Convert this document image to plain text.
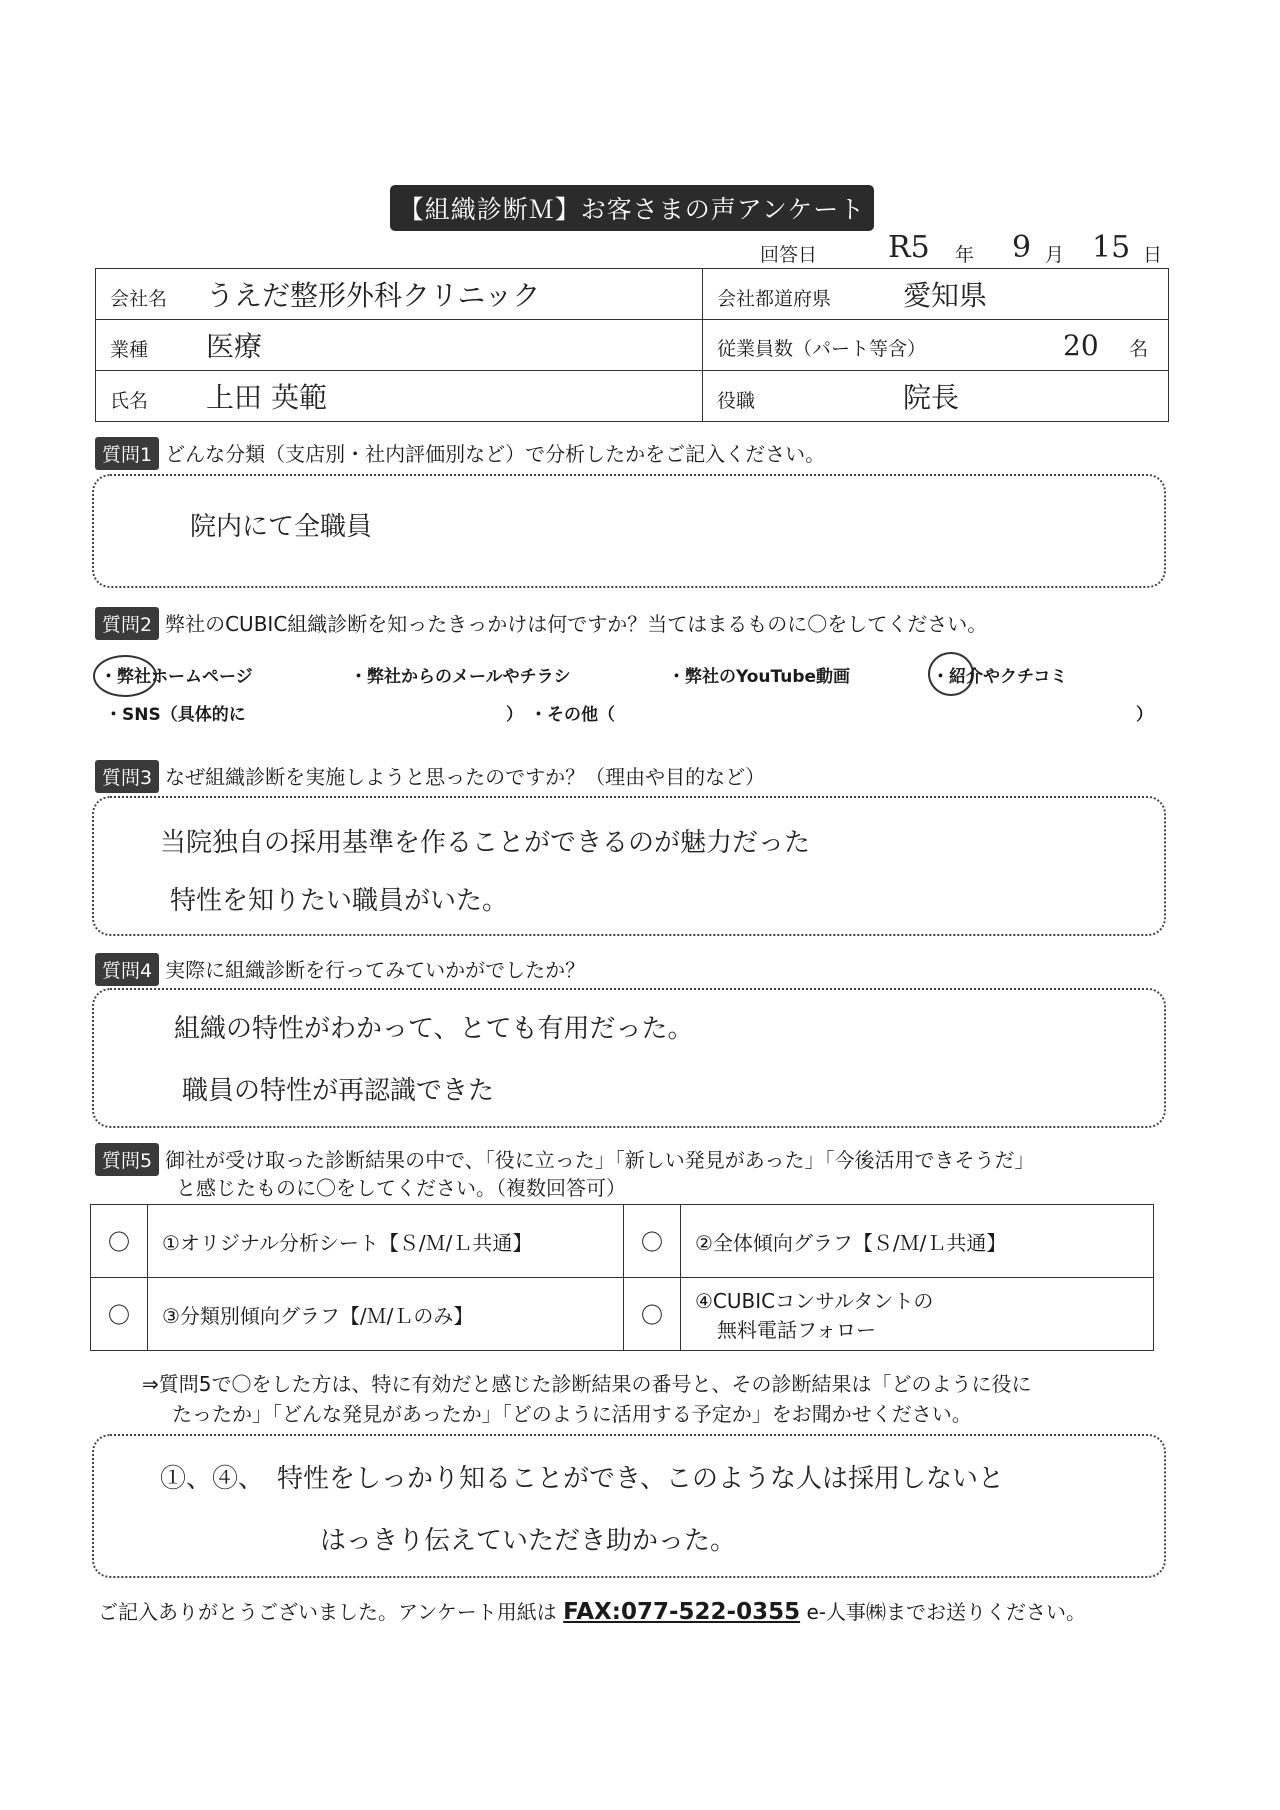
【組織診断Ｍ】お客さまの声アンケート
回答日 R5 年 9 月 15 日
会社名 うえだ整形外科クリニック	会社都道府県 愛知県
業種 医療	従業員数（パート等含） 20 名
氏名 上田 英範	役職 院長
質問1 どんな分類（支店別・社内評価別など）で分析したかをご記入ください。
院内にて全職員
質問2 弊社のCUBIC組織診断を知ったきっかけは何ですか？当てはまるものに〇をしてください。
・弊社ホームページ	・弊社からのメールやチラシ	・弊社のYouTube動画	・紹介やクチコミ
・SNS（具体的に	） ・その他（	）
質問3 なぜ組織診断を実施しようと思ったのですか？（理由や目的など）
当院独自の採用基準を作ることができるのが魅力だった
特性を知りたい職員がいた。
質問4 実際に組織診断を行ってみていかがでしたか？
組織の特性がわかって、とても有用だった。
職員の特性が再認識できた
質問5 御社が受け取った診断結果の中で、「役に立った」「新しい発見があった」「今後活用できそうだ」
と感じたものに〇をしてください。（複数回答可）
〇	①オリジナル分析シート【Ｓ/Ｍ/Ｌ共通】	〇	②全体傾向グラフ【Ｓ/Ｍ/Ｌ共通】
〇	③分類別傾向グラフ【/Ｍ/Ｌのみ】	〇	④CUBICコンサルタントの
無料電話フォロー
⇒質問5で〇をした方は、特に有効だと感じた診断結果の番号と、その診断結果は「どのように役に
たったか」「どんな発見があったか」「どのように活用する予定か」をお聞かせください。
①、④、　特性をしっかり知ることができ、このような人は採用しないと
はっきり伝えていただき助かった。
ご記入ありがとうございました。アンケート用紙は FAX:077-522-0355 e-人事㈱までお送りください。
